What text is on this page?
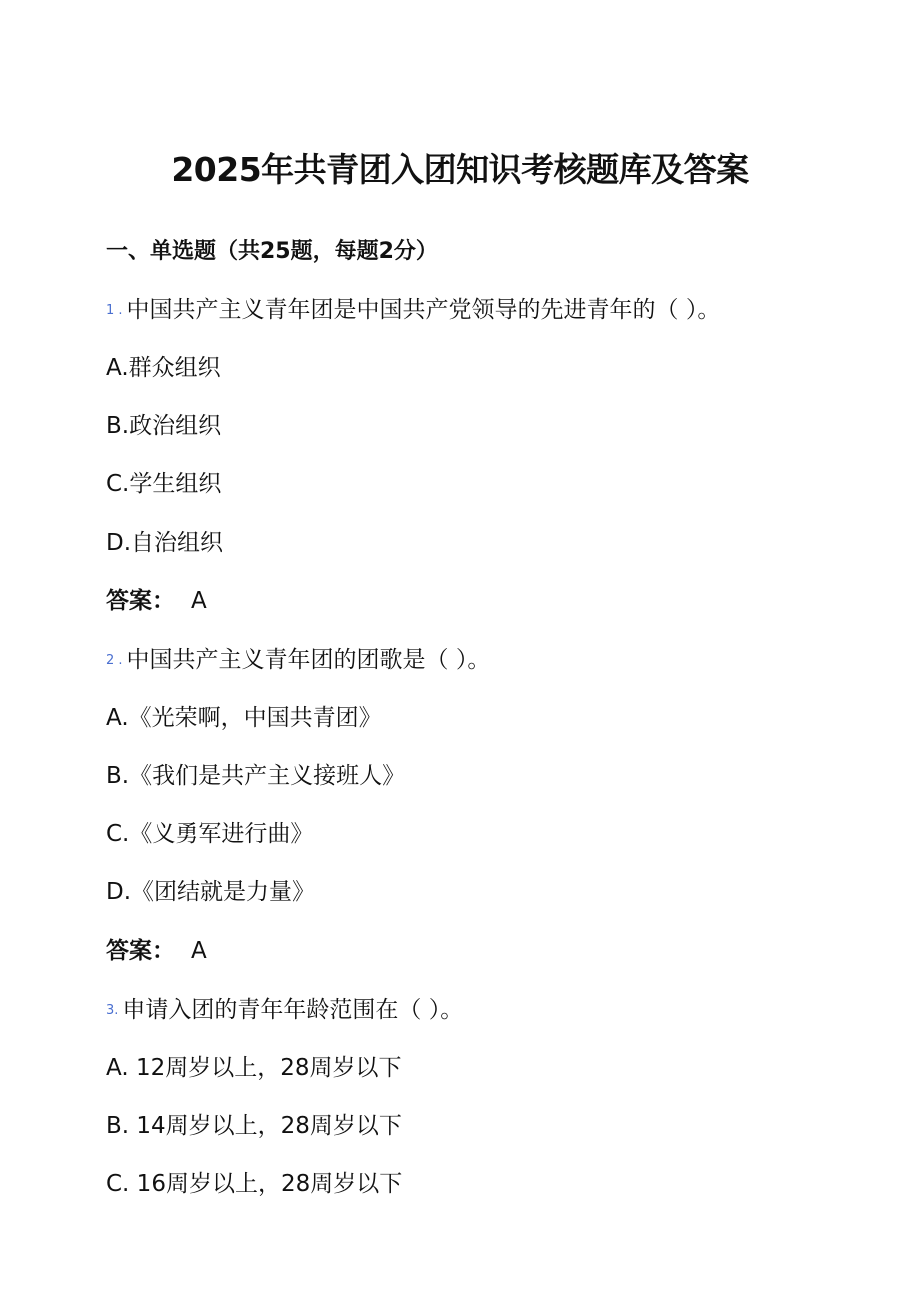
2025年共青团入团知识考核题库及答案
一、单选题（共25题，每题2分）
1 . 中国共产主义青年团是中国共产党领导的先进青年的（ ）。
A.群众组织
B.政治组织
C.学生组织
D.自治组织
答案： A
2 . 中国共产主义青年团的团歌是（ ）。
A.《光荣啊，中国共青团》
B.《我们是共产主义接班人》
C.《义勇军进行曲》
D.《团结就是力量》
答案： A
3. 申请入团的青年年龄范围在（ ）。
A. 12周岁以上，28周岁以下
B. 14周岁以上，28周岁以下
C. 16周岁以上，28周岁以下
